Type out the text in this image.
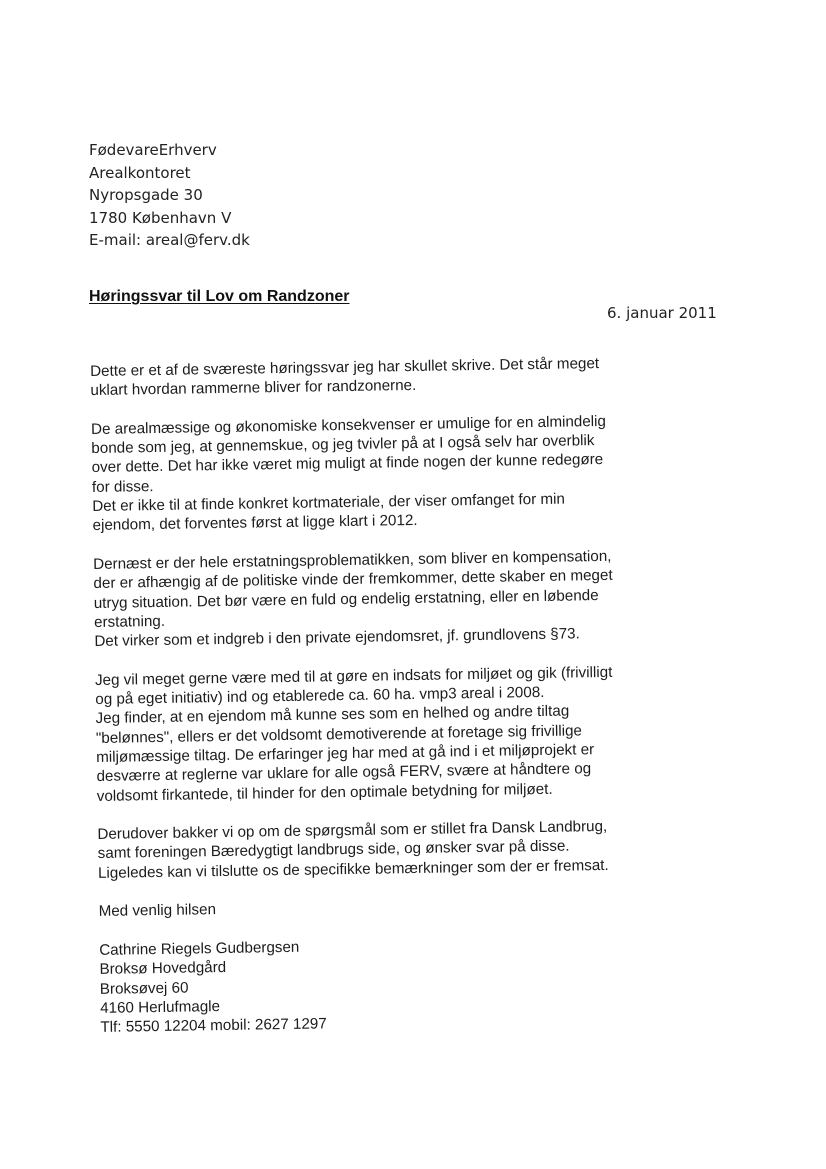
FødevareErhverv
Arealkontoret
Nyropsgade 30
1780 København V
E-mail: areal@ferv.dk
Høringssvar til Lov om Randzoner
6. januar 2011
Dette er et af de sværeste høringssvar jeg har skullet skrive. Det står meget
uklart hvordan rammerne bliver for randzonerne.
De arealmæssige og økonomiske konsekvenser er umulige for en almindelig
bonde som jeg, at gennemskue, og jeg tvivler på at I også selv har overblik
over dette. Det har ikke været mig muligt at finde nogen der kunne redegøre
for disse.
Det er ikke til at finde konkret kortmateriale, der viser omfanget for min
ejendom, det forventes først at ligge klart i 2012.
Dernæst er der hele erstatningsproblematikken, som bliver en kompensation,
der er afhængig af de politiske vinde der fremkommer, dette skaber en meget
utryg situation. Det bør være en fuld og endelig erstatning, eller en løbende
erstatning.
Det virker som et indgreb i den private ejendomsret, jf. grundlovens §73.
Jeg vil meget gerne være med til at gøre en indsats for miljøet og gik (frivilligt
og på eget initiativ) ind og etablerede ca. 60 ha. vmp3 areal i 2008.
Jeg finder, at en ejendom må kunne ses som en helhed og andre tiltag
"belønnes", ellers er det voldsomt demotiverende at foretage sig frivillige
miljømæssige tiltag. De erfaringer jeg har med at gå ind i et miljøprojekt er
desværre at reglerne var uklare for alle også FERV, svære at håndtere og
voldsomt firkantede, til hinder for den optimale betydning for miljøet.
Derudover bakker vi op om de spørgsmål som er stillet fra Dansk Landbrug,
samt foreningen Bæredygtigt landbrugs side, og ønsker svar på disse.
Ligeledes kan vi tilslutte os de specifikke bemærkninger som der er fremsat.
Med venlig hilsen
Cathrine Riegels Gudbergsen
Broksø Hovedgård
Broksøvej 60
4160 Herlufmagle
Tlf: 5550 12204 mobil: 2627 1297
